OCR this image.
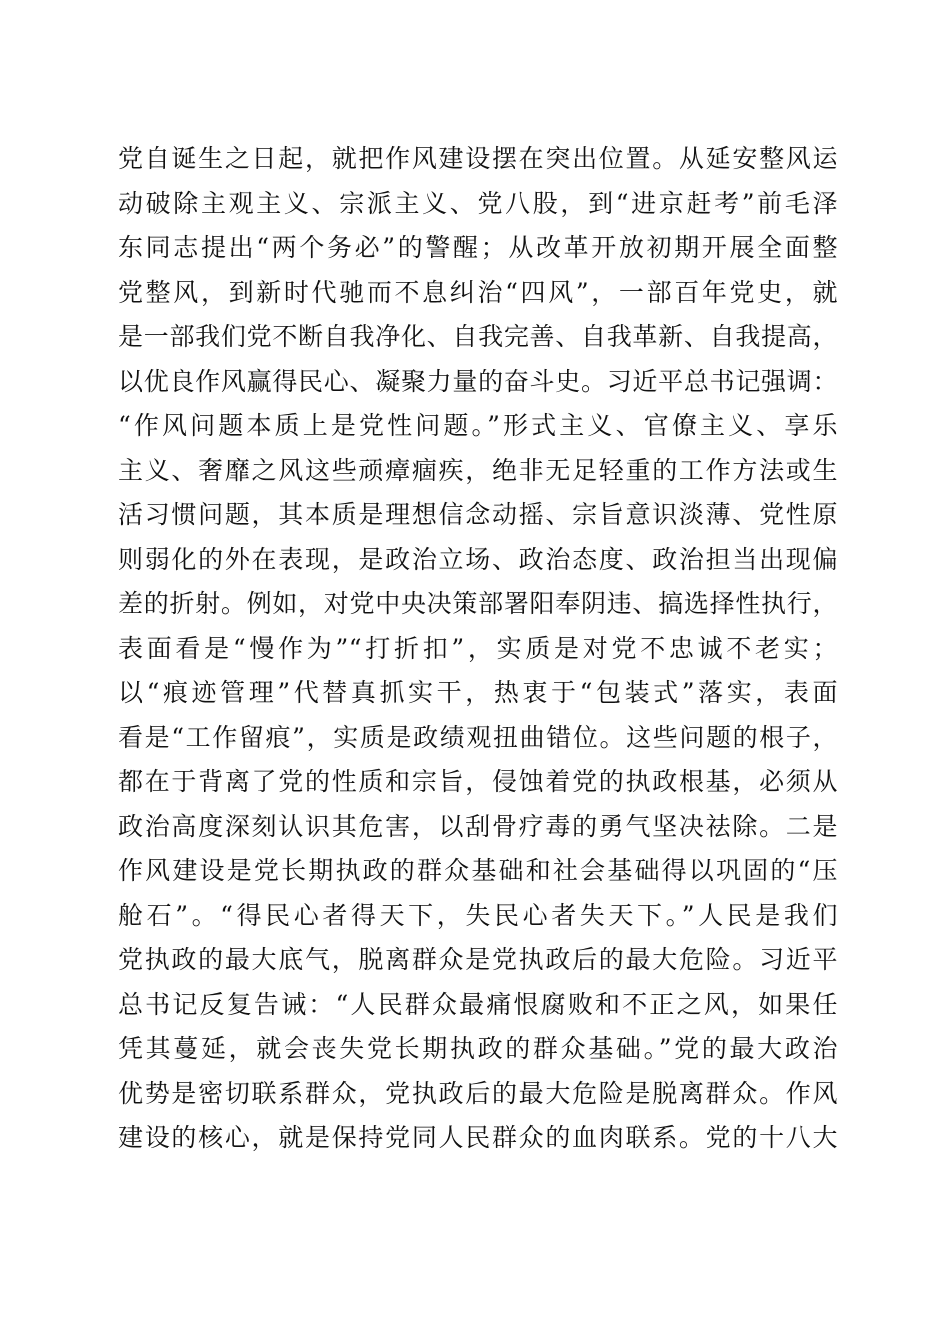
党自诞生之日起，就把作风建设摆在突出位置。从延安整风运
动破除主观主义、宗派主义、党八股，到“进京赶考”前毛泽
东同志提出“两个务必”的警醒；从改革开放初期开展全面整
党整风，到新时代驰而不息纠治“四风”，一部百年党史，就
是一部我们党不断自我净化、自我完善、自我革新、自我提高，
以优良作风赢得民心、凝聚力量的奋斗史。习近平总书记强调：
“作风问题本质上是党性问题。”形式主义、官僚主义、享乐
主义、奢靡之风这些顽瘴痼疾，绝非无足轻重的工作方法或生
活习惯问题，其本质是理想信念动摇、宗旨意识淡薄、党性原
则弱化的外在表现，是政治立场、政治态度、政治担当出现偏
差的折射。例如，对党中央决策部署阳奉阴违、搞选择性执行，
表面看是“慢作为”“打折扣”，实质是对党不忠诚不老实；
以“痕迹管理”代替真抓实干，热衷于“包装式”落实，表面
看是“工作留痕”，实质是政绩观扭曲错位。这些问题的根子，
都在于背离了党的性质和宗旨，侵蚀着党的执政根基，必须从
政治高度深刻认识其危害，以刮骨疗毒的勇气坚决祛除。二是
作风建设是党长期执政的群众基础和社会基础得以巩固的“压
舱石”。“得民心者得天下，失民心者失天下。”人民是我们
党执政的最大底气，脱离群众是党执政后的最大危险。习近平
总书记反复告诫：“人民群众最痛恨腐败和不正之风，如果任
凭其蔓延，就会丧失党长期执政的群众基础。”党的最大政治
优势是密切联系群众，党执政后的最大危险是脱离群众。作风
建设的核心，就是保持党同人民群众的血肉联系。党的十八大
